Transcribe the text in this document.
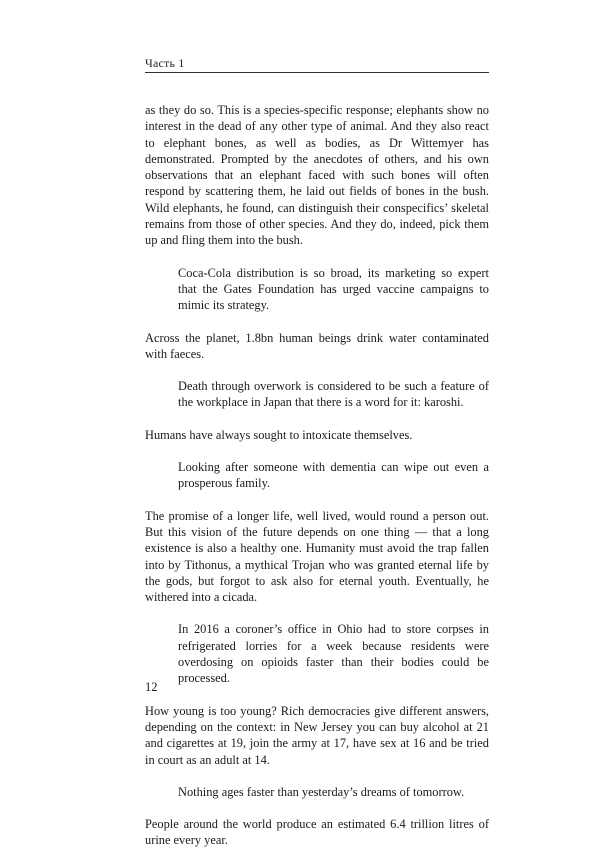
Часть 1

as they do so. This is a species-specific response; elephants show no interest in the dead of any other type of animal. And they also react to elephant bones, as well as bodies, as Dr Wittemyer has demonstrated. Prompted by the anecdotes of others, and his own observations that an elephant faced with such bones will often respond by scattering them, he laid out fields of bones in the bush. Wild elephants, he found, can distinguish their conspecifics’ skeletal remains from those of other species. And they do, indeed, pick them up and fling them into the bush.

Coca-Cola distribution is so broad, its marketing so expert that the Gates Foundation has urged vaccine campaigns to mimic its strategy.

Across the planet, 1.8bn human beings drink water contaminated with faeces.

Death through overwork is considered to be such a feature of the workplace in Japan that there is a word for it: karoshi.

Humans have always sought to intoxicate themselves.

Looking after someone with dementia can wipe out even a prosperous family.

The promise of a longer life, well lived, would round a person out. But this vision of the future depends on one thing — that a long existence is also a healthy one. Humanity must avoid the trap fallen into by Tithonus, a mythical Trojan who was granted eternal life by the gods, but forgot to ask also for eternal youth. Eventually, he withered into a cicada.

In 2016 a coroner’s office in Ohio had to store corpses in refrigerated lorries for a week because residents were overdosing on opioids faster than their bodies could be processed.

How young is too young? Rich democracies give different answers, depending on the context: in New Jersey you can buy alcohol at 21 and cigarettes at 19, join the army at 17, have sex at 16 and be tried in court as an adult at 14.

Nothing ages faster than yesterday’s dreams of tomorrow.

People around the world produce an estimated 6.4 trillion litres of urine every year.

12
